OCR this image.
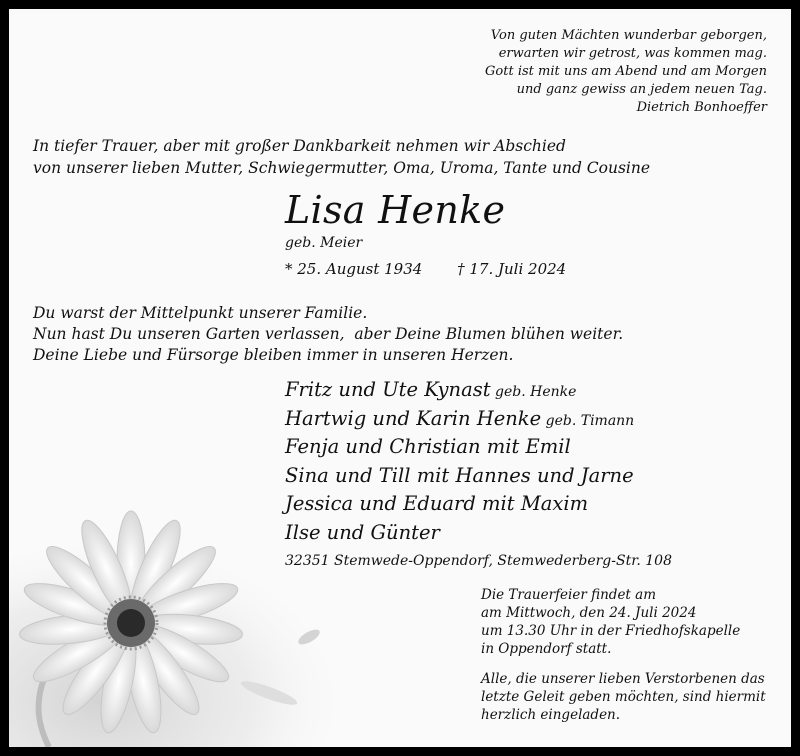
Von guten Mächten wunderbar geborgen,
erwarten wir getrost, was kommen mag.
Gott ist mit uns am Abend und am Morgen
und ganz gewiss an jedem neuen Tag.
Dietrich Bonhoeffer
In tiefer Trauer, aber mit großer Dankbarkeit nehmen wir Abschied
von unserer lieben Mutter, Schwiegermutter, Oma, Uroma, Tante und Cousine
Lisa Henke
geb. Meier
* 25. August 1934 † 17. Juli 2024
Du warst der Mittelpunkt unserer Familie.
Nun hast Du unseren Garten verlassen,  aber Deine Blumen blühen weiter.
Deine Liebe und Fürsorge bleiben immer in unseren Herzen.
Fritz und Ute Kynast geb. Henke
Hartwig und Karin Henke geb. Timann
Fenja und Christian mit Emil
Sina und Till mit Hannes und Jarne
Jessica und Eduard mit Maxim
Ilse und Günter
32351 Stemwede-Oppendorf, Stemwederberg-Str. 108
Die Trauerfeier findet am
am Mittwoch, den 24. Juli 2024
um 13.30 Uhr in der Friedhofskapelle
in Oppendorf statt.
Alle, die unserer lieben Verstorbenen das
letzte Geleit geben möchten, sind hiermit
herzlich eingeladen.
